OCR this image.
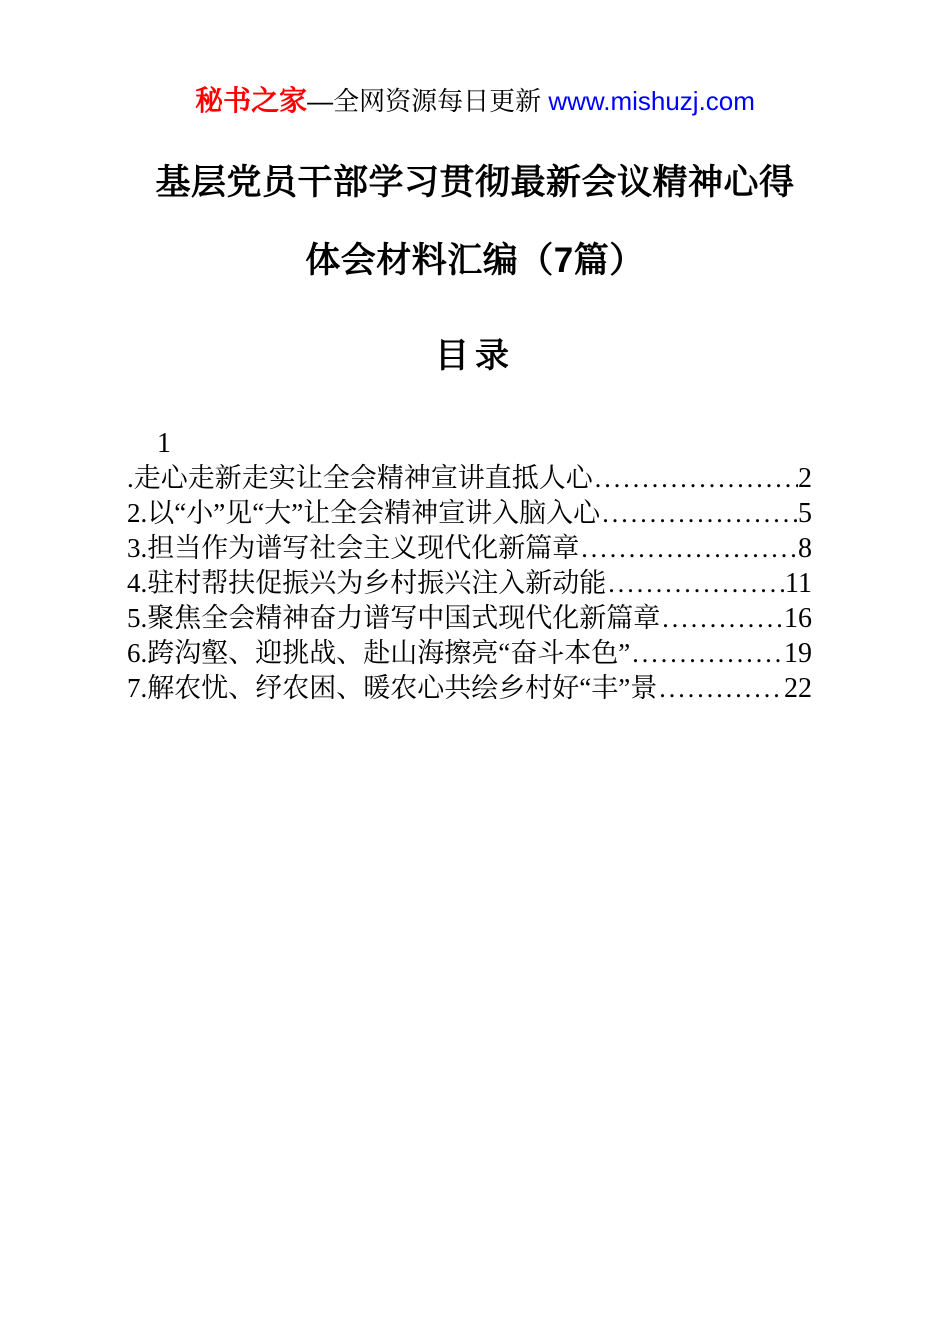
秘书之家—全网资源每日更新 www.mishuzj.com
基层党员干部学习贯彻最新会议精神心得
体会材料汇编（7篇）
目录
1
.走心走新走实让全会精神宣讲直抵人心 .....	2
2.以“小”见“大”让全会精神宣讲入脑入心 .....	5
3.担当作为谱写社会主义现代化新篇章 .....	8
4.驻村帮扶促振兴为乡村振兴注入新动能 .....	11
5.聚焦全会精神奋力谱写中国式现代化新篇章 .....	16
6.跨沟壑、迎挑战、赴山海擦亮“奋斗本色” .....	19
7.解农忧、纾农困、暖农心共绘乡村好“丰”景 .....	22
